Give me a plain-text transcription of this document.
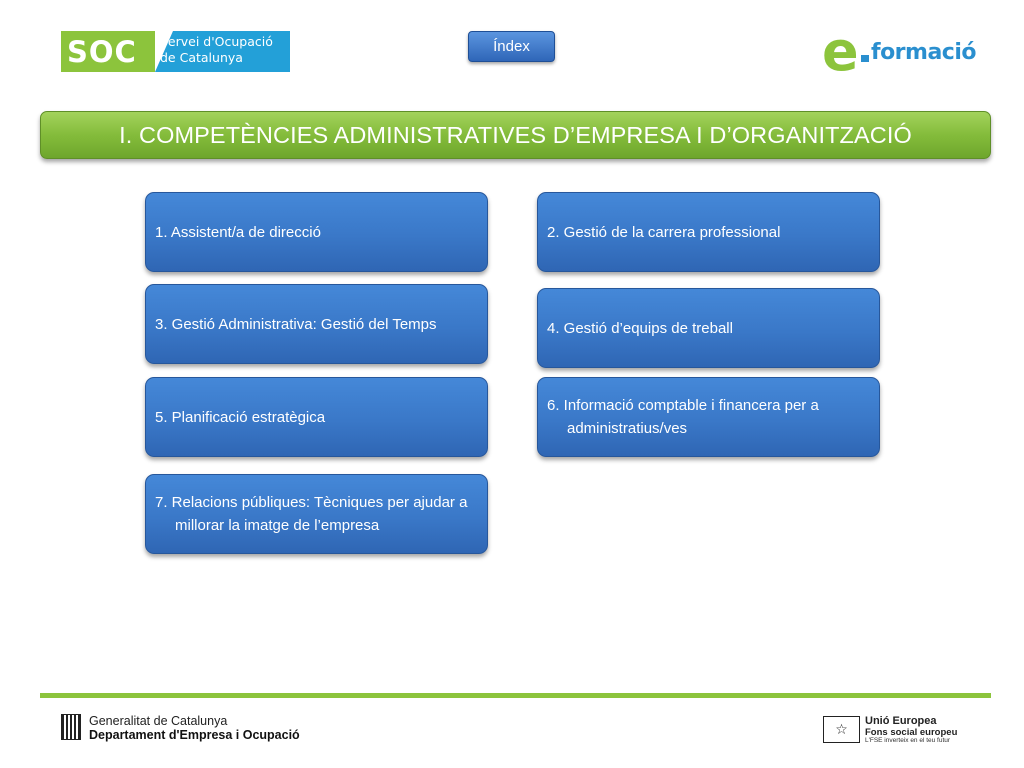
SOC Servei d'Ocupació
de Catalunya
Índex	e formació
I. COMPETÈNCIES ADMINISTRATIVES D’EMPRESA I D’ORGANITZACIÓ
1. Assistent/a de direcció	2. Gestió de la carrera professional
3. Gestió Administrativa: Gestió del Temps	4. Gestió d’equips de treball
5. Planificació estratègica
6. Informació comptable i financera per a administratius/ves
7. Relacions públiques: Tècniques per ajudar a millorar la imatge de l’empresa
Generalitat de Catalunya
Departament d'Empresa i Ocupació	☆	Unió Europea
Fons social europeu
L'FSE inverteix en el teu futur
